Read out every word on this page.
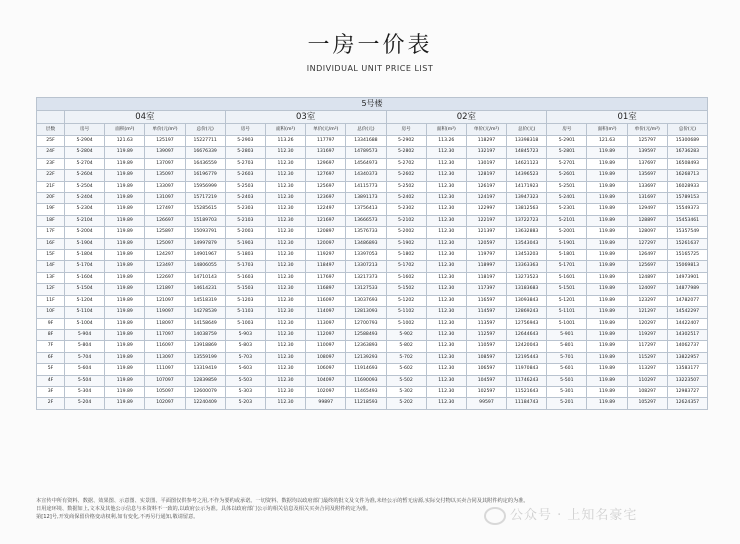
一房一价表
INDIVIDUAL UNIT PRICE LIST
5号楼																
	04室				03室				02室				01室			
层数	房号	面积(m²)	单价(元/m²)	总价(元)	房号	面积(m²)	单价(元/m²)	总价(元)	房号	面积(m²)	单价(元/m²)	总价(元)	房号	面积(m²)	单价(元/m²)	总价(元)
25F	5-2904	121.63	125197	15227711	5-2903	113.26	117797	13341688	5-2902	113.26	118297	13398318	5-2901	121.63	125797	15300689
24F	5-2804	119.89	139097	16676339	5-2803	112.30	131697	14789573	5-2802	112.30	132197	14845723	5-2801	119.89	139597	16736283
23F	5-2704	119.89	137097	16436559	5-2703	112.30	129697	14564973	5-2702	112.30	130197	14621123	5-2701	119.89	137697	16508493
22F	5-2604	119.89	135097	16196779	5-2603	112.30	127697	14340373	5-2602	112.30	128197	14396523	5-2601	119.89	135697	16268713
21F	5-2504	119.89	133097	15956999	5-2503	112.30	125697	14115773	5-2502	112.30	126197	14171923	5-2501	119.89	133697	16028933
20F	5-2404	119.89	131097	15717219	5-2403	112.30	123697	13891173	5-2402	112.30	124197	13947323	5-2401	119.89	131697	15789153
19F	5-2304	119.89	127497	15285615	5-2303	112.30	122497	13756413	5-2302	112.30	122997	13812563	5-2301	119.89	129497	15549373
18F	5-2104	119.89	126697	15189703	5-2103	112.30	121697	13666573	5-2102	112.30	122197	13722723	5-2101	119.89	128897	15453461
17F	5-2004	119.89	125897	15093791	5-2003	112.30	120897	13576733	5-2002	112.30	121397	13632883	5-2001	119.89	128097	15357549
16F	5-1904	119.89	125097	14997879	5-1903	112.30	120097	13486893	5-1902	112.30	120597	13543043	5-1901	119.89	127297	15261637
15F	5-1804	119.89	124297	14901967	5-1803	112.30	119297	13397053	5-1802	112.30	119797	13453203	5-1801	119.89	126497	15165725
14F	5-1704	119.89	123497	14806055	5-1703	112.30	118497	13307213	5-1702	112.30	118997	13363363	5-1701	119.89	125697	15069813
13F	5-1604	119.89	122697	14710143	5-1603	112.30	117697	13217373	5-1602	112.30	118197	13273523	5-1601	119.89	124897	14973901
12F	5-1504	119.89	121897	14614231	5-1503	112.30	116897	13127533	5-1502	112.30	117397	13183683	5-1501	119.89	124097	14877989
11F	5-1204	119.89	121097	14518319	5-1203	112.30	116097	13037693	5-1202	112.30	116597	13093843	5-1201	119.89	123297	14782077
10F	5-1104	119.89	119097	14278539	5-1103	112.30	114097	12813093	5-1102	112.30	114597	12869243	5-1101	119.89	121297	14542297
9F	5-1004	119.89	118097	14158649	5-1003	112.30	113097	12700793	5-1002	112.30	113597	12756943	5-1001	119.89	120297	14422407
8F	5-904	119.89	117097	14038759	5-903	112.30	112097	12588493	5-902	112.30	112597	12644643	5-901	119.89	119297	14302517
7F	5-804	119.89	116097	13918869	5-803	112.30	110097	12363893	5-802	112.30	110597	12420043	5-801	119.89	117297	14062737
6F	5-704	119.89	113097	13559199	5-703	112.30	108097	12139293	5-702	112.30	108597	12195443	5-701	119.89	115297	13822957
5F	5-604	119.89	111097	13319419	5-603	112.30	106097	11914693	5-602	112.30	106597	11970843	5-601	119.89	113297	13583177
4F	5-504	119.89	107097	12839859	5-503	112.30	104097	11690093	5-502	112.30	104597	11746243	5-501	119.89	110297	13223507
3F	5-304	119.89	105097	12600079	5-303	112.30	102097	11465493	5-302	112.30	102597	11521643	5-301	119.89	108297	12983727
2F	5-204	119.89	102097	12240409	5-203	112.30	99897	11218593	5-202	112.30	99597	11184743	5-201	119.89	105297	12624357
本宣传中所有资料、数据、效果图、示意图、实景图、平面图仅供参考之用,不作为要约或承诺。一切资料、数据均以政府部门最终的批文及文件为准,未经公示的暂无房源,实际交付物以买卖合同及其附件约定的为准。
日用途环境、数据如上,文本及其他公示信息与本资料不一致的,以政府公示为准。具体以政府部门公示的相关信息及相关买卖合同及附件约定为准。
第[12]号,开发商保留价格变动权利,如有变化,不再另行通知,敬请留意。	公众号 · 上知名豪宅
